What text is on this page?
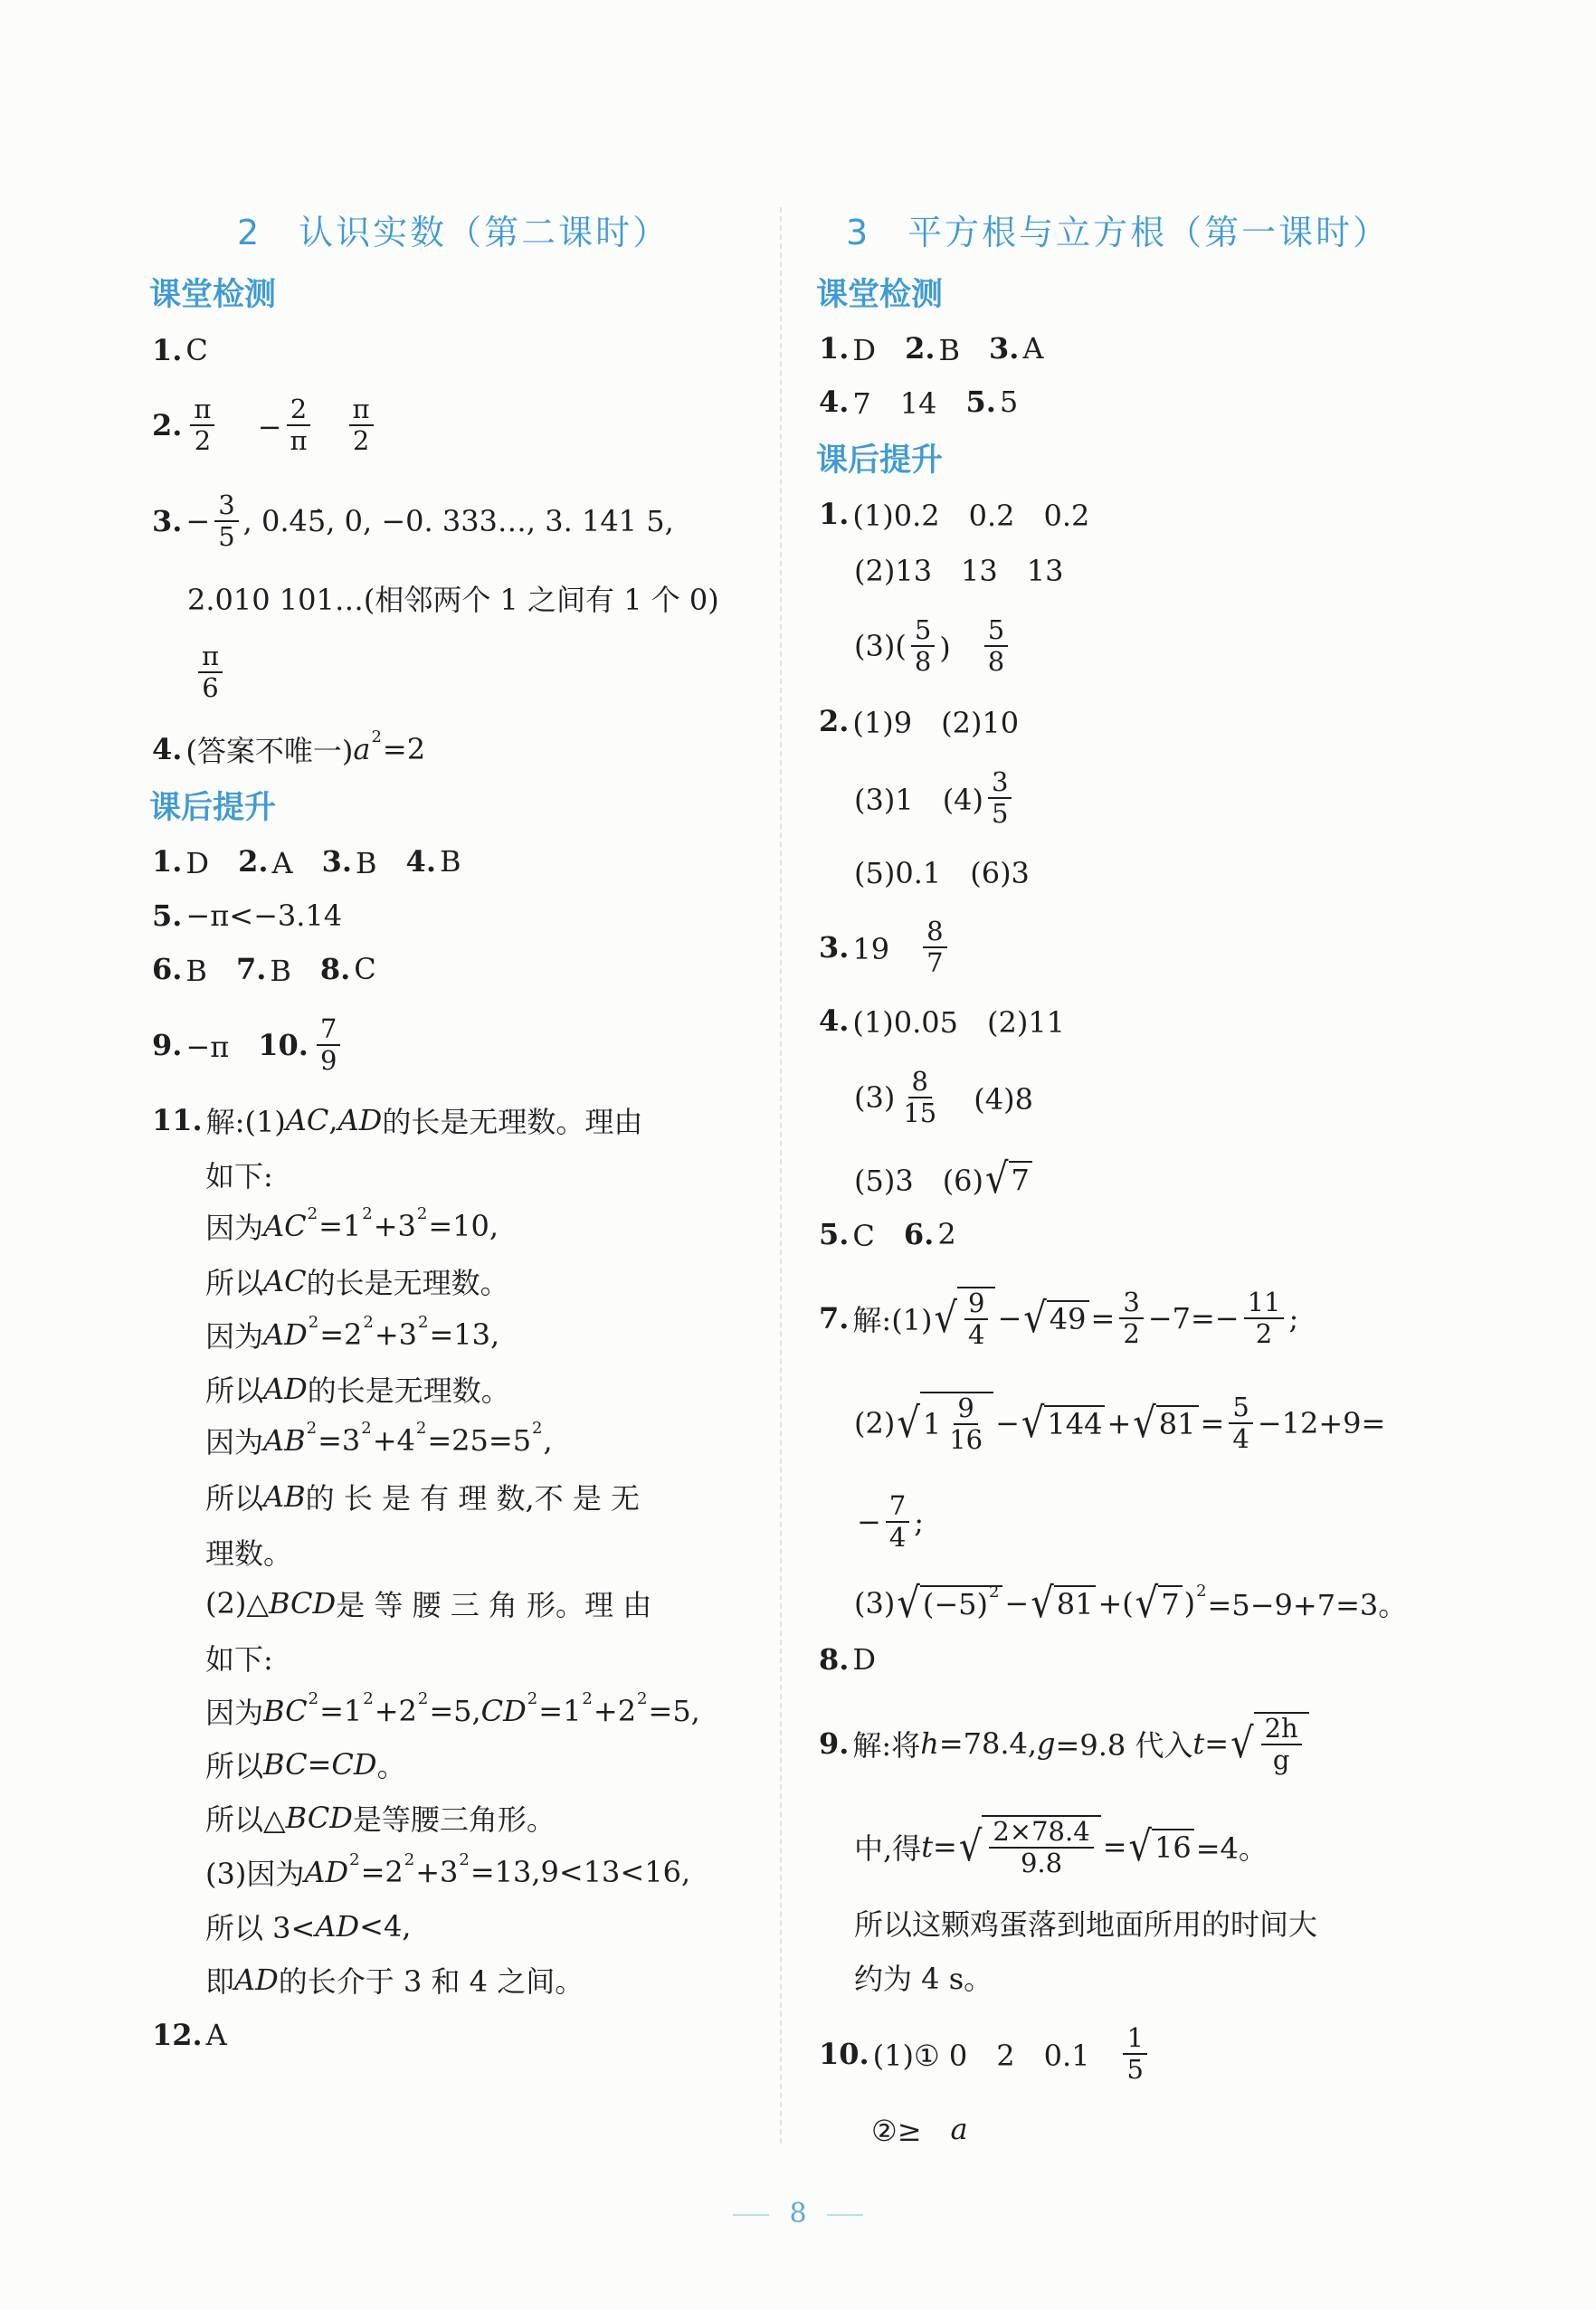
2　认识实数（第二课时）	3　平方根与立方根（第一课时）
课堂检测
1. C
2. $\frac{\pi}{2}$ 　 − $\frac{2}{\pi}$
　 $\frac{\pi}{2}$
3. − $\frac{3}{5}$ , 0.4̇5̇, 0, −0. 333…, 3. 141 5,
2.010 101…(相邻两个 1 之间有 1 个 0)
$\frac{\pi}{6}$
4. (答案不唯一) a 2 =2
课后提升
1. D　 2. A　 3. B　 4. B
5. −π<−3.14
6. B　 7. B　 8. C
9. −π　 10. $\frac{7}{9}$
11. 解:(1) AC , AD 的长是无理数。理由
如下:
因为 AC 2 =1 2 +3 2 =10,
所以 AC 的长是无理数。
因为 AD 2 =2 2 +3 2 =13,
所以 AD 的长是无理数。
因为 AB 2 =3 2 +4 2 =25=5 2 ,
所以 AB 的 长 是 有 理 数,不 是 无
理数。
(2)△ BCD 是 等 腰 三 角 形。理 由
如下:
因为 BC 2 =1 2 +2 2 =5, CD 2 =1 2 +2 2 =5,
所以 BC = CD 。
所以△ BCD 是等腰三角形。
(3)因为 AD 2 =2 2 +3 2 =13,9<13<16,
所以 3< AD <4,
即 AD 的长介于 3 和 4 之间。
12. A
课堂检测
1. D　 2. B　 3. A
4. 7　14　 5. 5
课后提升
1. (1)0.2　0.2　0.2
(2)13　13　13
$(3)( \frac{5}{8}$ )　 $\frac{5}{8}$
2. (1)9　(2)10
(3)1　$(4) \frac{3}{5}$
(5)0.1　(6)3
3. 19　 $\frac{8}{7}$
4. (1)0.05　(2)11
$(3) \frac{8}{15}$ 　(4)8
(5)3　(6) √ 7
5. C　 6. 2
7. 解:(1) √ $\frac{9}{4}$ − √ $49 = \frac{3}{2} -7=- \frac{11}{2}$ ;
(2) √ $1 \frac{9}{16}$ − √ 144 + √ $81 = \frac{5}{4} -12+9=$
− $\frac{7}{4}$ ;
(3) √ (−5) 2 − √ 81 +( √ 7 ) 2 =5−9+7=3。
8. D
9. 解:将 h =78.4, g =9.8 代入 t = √ $\frac{2h}{g}$
中,得 t = √ $\frac{2\times 78.4}{9.8}$ = √ 16 =4。
所以这颗鸡蛋落到地面所用的时间大
约为 4 s。
10. (1)① 0　2　0.1　 $\frac{1}{5}$
②≥　 a
8
